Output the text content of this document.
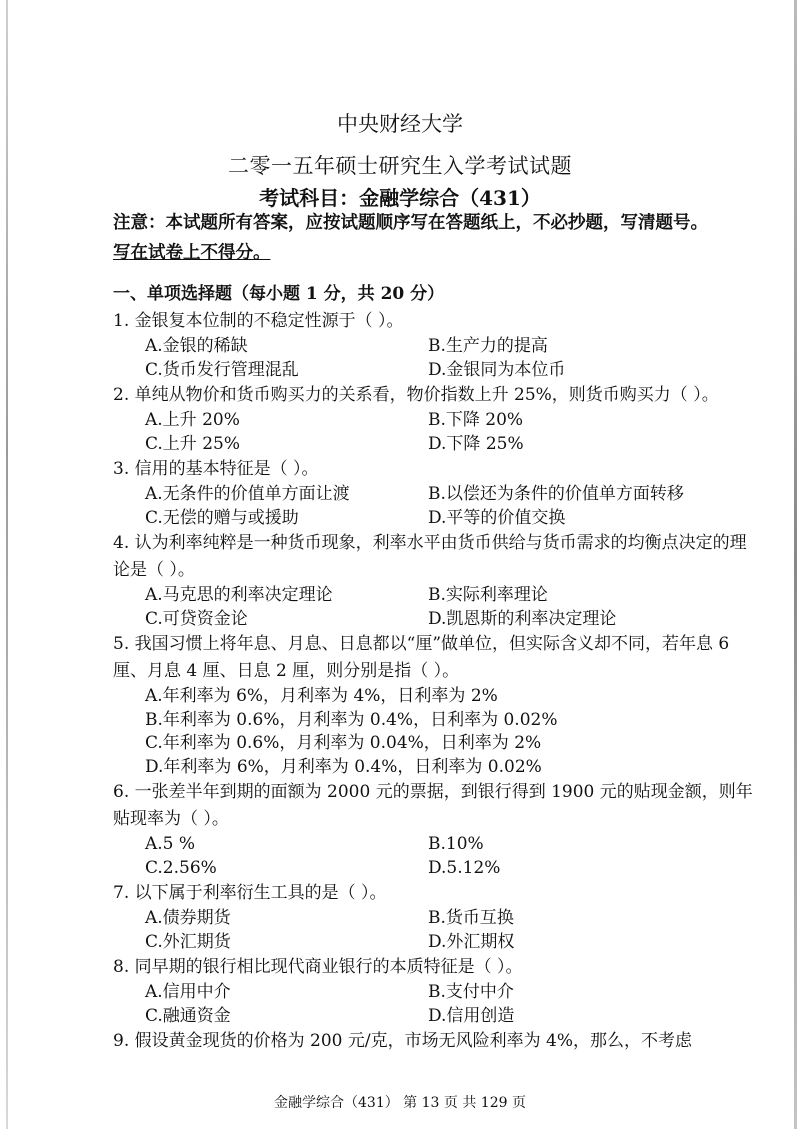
中央财经大学
二零一五年硕士研究生入学考试试题
考试科目：金融学综合（431）
注意：本试题所有答案，应按试题顺序写在答题纸上，不必抄题，写清题号。
写在试卷上不得分。
一、单项选择题（每小题 1 分，共 20 分）
1. 金银复本位制的不稳定性源于（ ）。
A.金银的稀缺	B.生产力的提高
C.货币发行管理混乱	D.金银同为本位币
2. 单纯从物价和货币购买力的关系看，物价指数上升 25%，则货币购买力（ ）。
A.上升 20%	B.下降 20%
C.上升 25%	D.下降 25%
3. 信用的基本特征是（ ）。
A.无条件的价值单方面让渡	B.以偿还为条件的价值单方面转移
C.无偿的赠与或援助	D.平等的价值交换
4. 认为利率纯粹是一种货币现象，利率水平由货币供给与货币需求的均衡点决定的理论是（ ）。
A.马克思的利率决定理论	B.实际利率理论
C.可贷资金论	D.凯恩斯的利率决定理论
5. 我国习惯上将年息、月息、日息都以“厘”做单位，但实际含义却不同，若年息 6 厘、月息 4 厘、日息 2 厘，则分别是指（ ）。
A.年利率为 6%，月利率为 4%，日利率为 2%
B.年利率为 0.6%，月利率为 0.4%，日利率为 0.02%
C.年利率为 0.6%，月利率为 0.04%，日利率为 2%
D.年利率为 6%，月利率为 0.4%，日利率为 0.02%
6. 一张差半年到期的面额为 2000 元的票据，到银行得到 1900 元的贴现金额，则年贴现率为（ ）。
A.5 %	B.10%
C.2.56%	D.5.12%
7. 以下属于利率衍生工具的是（ ）。
A.债券期货	B.货币互换
C.外汇期货	D.外汇期权
8. 同早期的银行相比现代商业银行的本质特征是（ ）。
A.信用中介	B.支付中介
C.融通资金	D.信用创造
9. 假设黄金现货的价格为 200 元/克，市场无风险利率为 4%，那么，不考虑
金融学综合（431） 第 13 页 共 129 页
